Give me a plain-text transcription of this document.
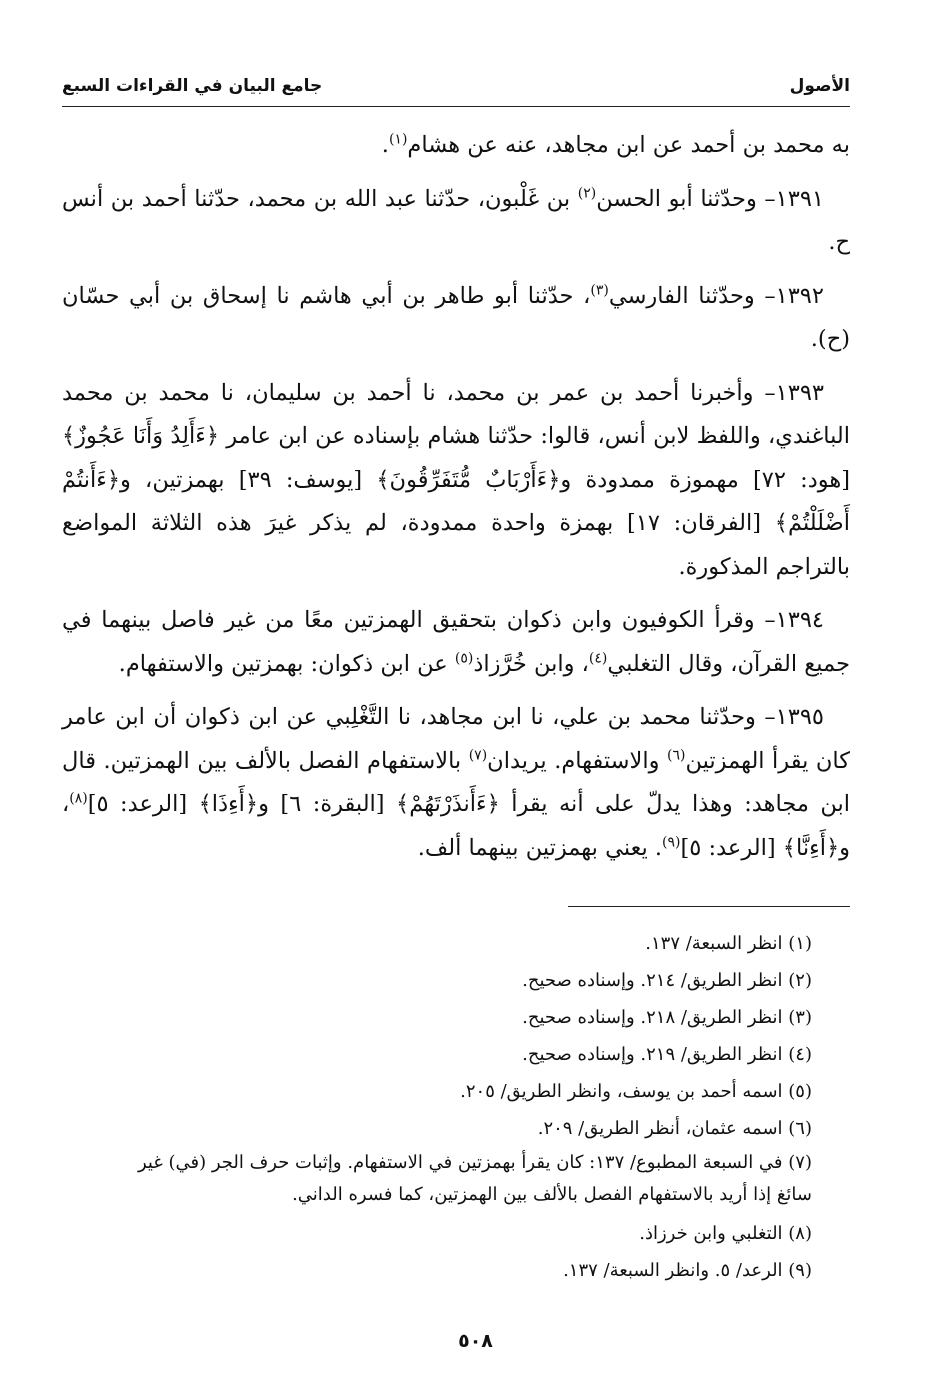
الأصول
جامع البيان في القراءات السبع

به محمد بن أحمد عن ابن مجاهد، عنه عن هشام$^{(١)}$.

١٣٩١– وحدّثنا أبو الحسن$^{(٢)}$ بن غَلْبون، حدّثنا عبد الله بن محمد، حدّثنا أحمد بن أنس ح.

١٣٩٢– وحدّثنا الفارسي$^{(٣)}$، حدّثنا أبو طاهر بن أبي هاشم نا إسحاق بن أبي حسّان (ح).

١٣٩٣– وأخبرنا أحمد بن عمر بن محمد، نا أحمد بن سليمان، نا محمد بن محمد الباغندي، واللفظ لابن أنس، قالوا: حدّثنا هشام بإسناده عن ابن عامر ﴿ءَأَلِدُ وَأَنَا عَجُوزٌ﴾ [هود: ٧٢] مهموزة ممدودة و﴿ءَأَرْبَابٌ مُّتَفَرِّقُونَ﴾ [يوسف: ٣٩] بهمزتين، و﴿ءَأَنتُمْ أَضْلَلْتُمْ﴾ [الفرقان: ١٧] بهمزة واحدة ممدودة، لم يذكر غيرَ هذه الثلاثة المواضع بالتراجم المذكورة.

١٣٩٤– وقرأ الكوفيون وابن ذكوان بتحقيق الهمزتين معًا من غير فاصل بينهما في جميع القرآن، وقال التغلبي$^{(٤)}$، وابن خُرَّزاذ$^{(٥)}$ عن ابن ذكوان: بهمزتين والاستفهام.

١٣٩٥– وحدّثنا محمد بن علي، نا ابن مجاهد، نا التَّغْلِبي عن ابن ذكوان أن ابن عامر كان يقرأ الهمزتين$^{(٦)}$ والاستفهام. يريدان$^{(٧)}$ بالاستفهام الفصل بالألف بين الهمزتين. قال ابن مجاهد: وهذا يدلّ على أنه يقرأ ﴿ءَأَنذَرْتَهُمْ﴾ [البقرة: ٦] و﴿أَءِذَا﴾ [الرعد: ٥]$^{(٨)}$، و﴿أَءِنَّا﴾ [الرعد: ٥]$^{(٩)}$. يعني بهمزتين بينهما ألف.

(١) انظر السبعة/ ١٣٧.

(٢) انظر الطريق/ ٢١٤. وإسناده صحيح.

(٣) انظر الطريق/ ٢١٨. وإسناده صحيح.

(٤) انظر الطريق/ ٢١٩. وإسناده صحيح.

(٥) اسمه أحمد بن يوسف، وانظر الطريق/ ٢٠٥.

(٦) اسمه عثمان، أنظر الطريق/ ٢٠٩.

(٧) في السبعة المطبوع/ ١٣٧: كان يقرأ بهمزتين في الاستفهام. وإثبات حرف الجر (في) غير سائغ إذا أريد بالاستفهام الفصل بالألف بين الهمزتين، كما فسره الداني.

(٨) التغلبي وابن خرزاذ.

(٩) الرعد/ ٥. وانظر السبعة/ ١٣٧.

٥٠٨
